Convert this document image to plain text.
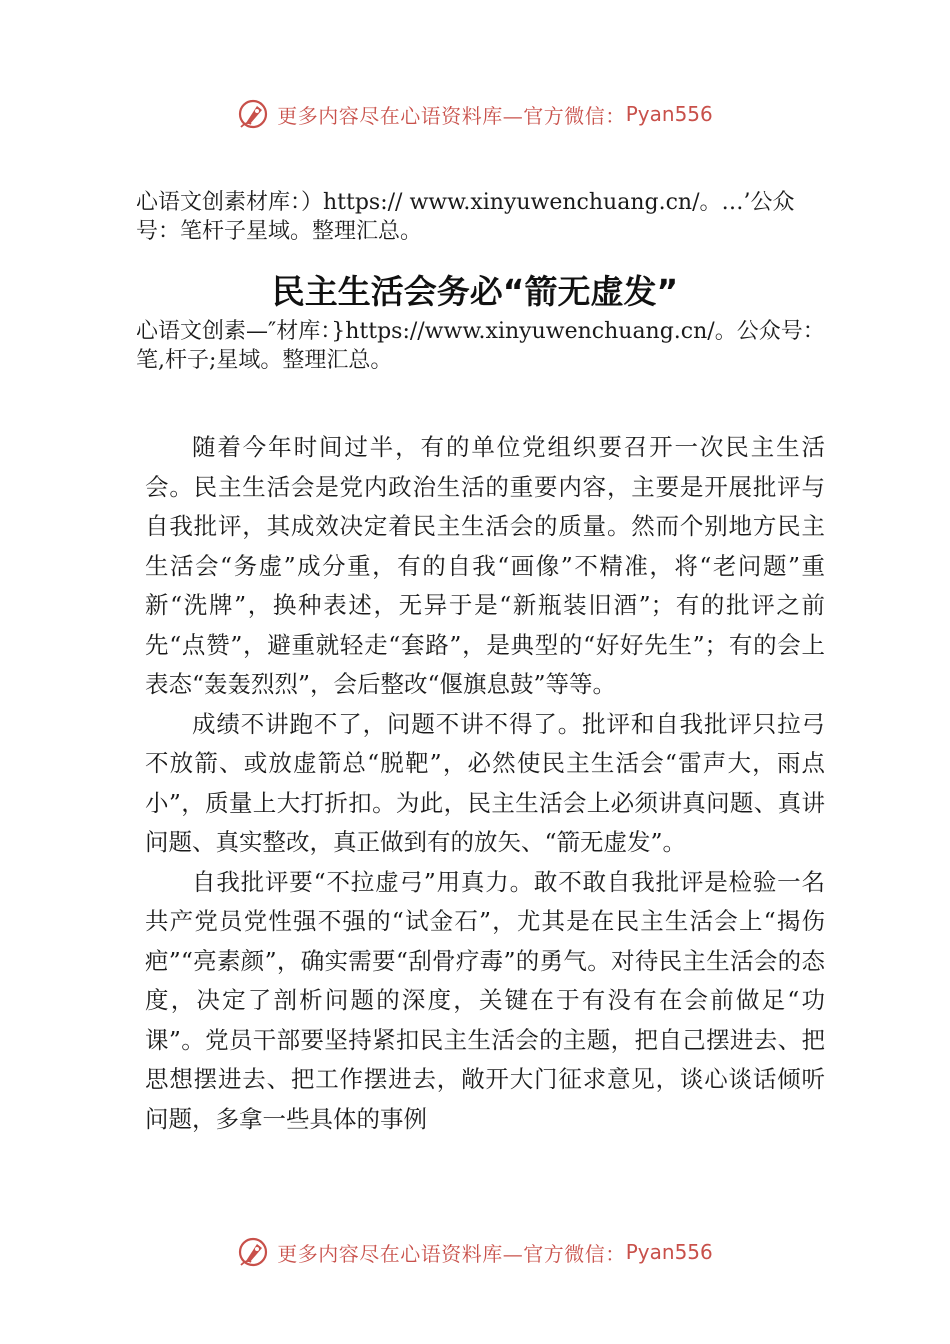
更多内容尽在心语资料库—官方微信： Pyan556
心语文创素材库：）https:// www.xinyuwenchuang.cn/。…’公众号：笔杆子星域。整理汇总。
民主生活会务必“箭无虚发”
心语文创素—″材库：}https://www.xinyuwenchuang.cn/。公众号：笔,杆子;星域。整理汇总。

随着今年时间过半，有的单位党组织要召开一次民主生活会。民主生活会是党内政治生活的重要内容，主要是开展批评与自我批评，其成效决定着民主生活会的质量。然而个别地方民主生活会“务虚”成分重，有的自我“画像”不精准，将“老问题”重新“洗牌”，换种表述，无异于是“新瓶装旧酒”；有的批评之前先“点赞”，避重就轻走“套路”，是典型的“好好先生”；有的会上表态“轰轰烈烈”，会后整改“偃旗息鼓”等等。

成绩不讲跑不了，问题不讲不得了。批评和自我批评只拉弓不放箭、或放虚箭总“脱靶”，必然使民主生活会“雷声大，雨点小”，质量上大打折扣。为此，民主生活会上必须讲真问题、真讲问题、真实整改，真正做到有的放矢、“箭无虚发”。

自我批评要“不拉虚弓”用真力。敢不敢自我批评是检验一名共产党员党性强不强的“试金石”，尤其是在民主生活会上“揭伤疤”“亮素颜”，确实需要“刮骨疗毒”的勇气。对待民主生活会的态度，决定了剖析问题的深度，关键在于有没有在会前做足“功课”。党员干部要坚持紧扣民主生活会的主题，把自己摆进去、把思想摆进去、把工作摆进去，敞开大门征求意见，谈心谈话倾听问题，多拿一些具体的事例

更多内容尽在心语资料库—官方微信： Pyan556
